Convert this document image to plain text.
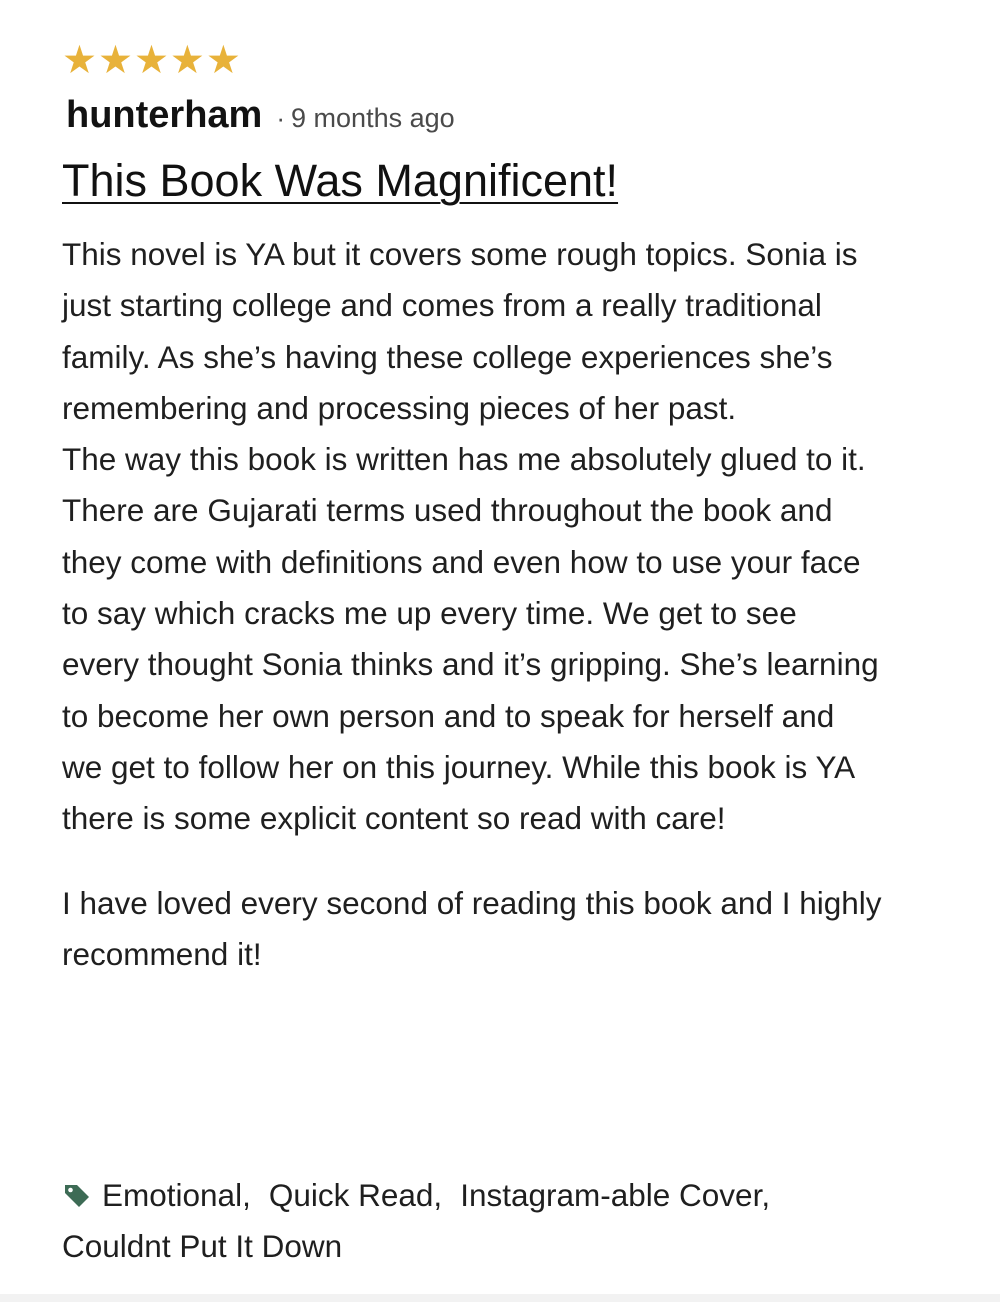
★ ★ ★ ★ ★
hunterham · 9 months ago
This Book Was Magnificent!

This novel is YA but it covers some rough topics. Sonia is just starting college and comes from a really traditional family. As she’s having these college experiences she’s remembering and processing pieces of her past.

The way this book is written has me absolutely glued to it. There are Gujarati terms used throughout the book and they come with definitions and even how to use your face to say which cracks me up every time. We get to see every thought Sonia thinks and it’s gripping. She’s learning to become her own person and to speak for herself and we get to follow her on this journey. While this book is YA there is some explicit content so read with care!

I have loved every second of reading this book and I highly recommend it!

Emotional, Quick Read, Instagram-able Cover,
Couldnt Put It Down
